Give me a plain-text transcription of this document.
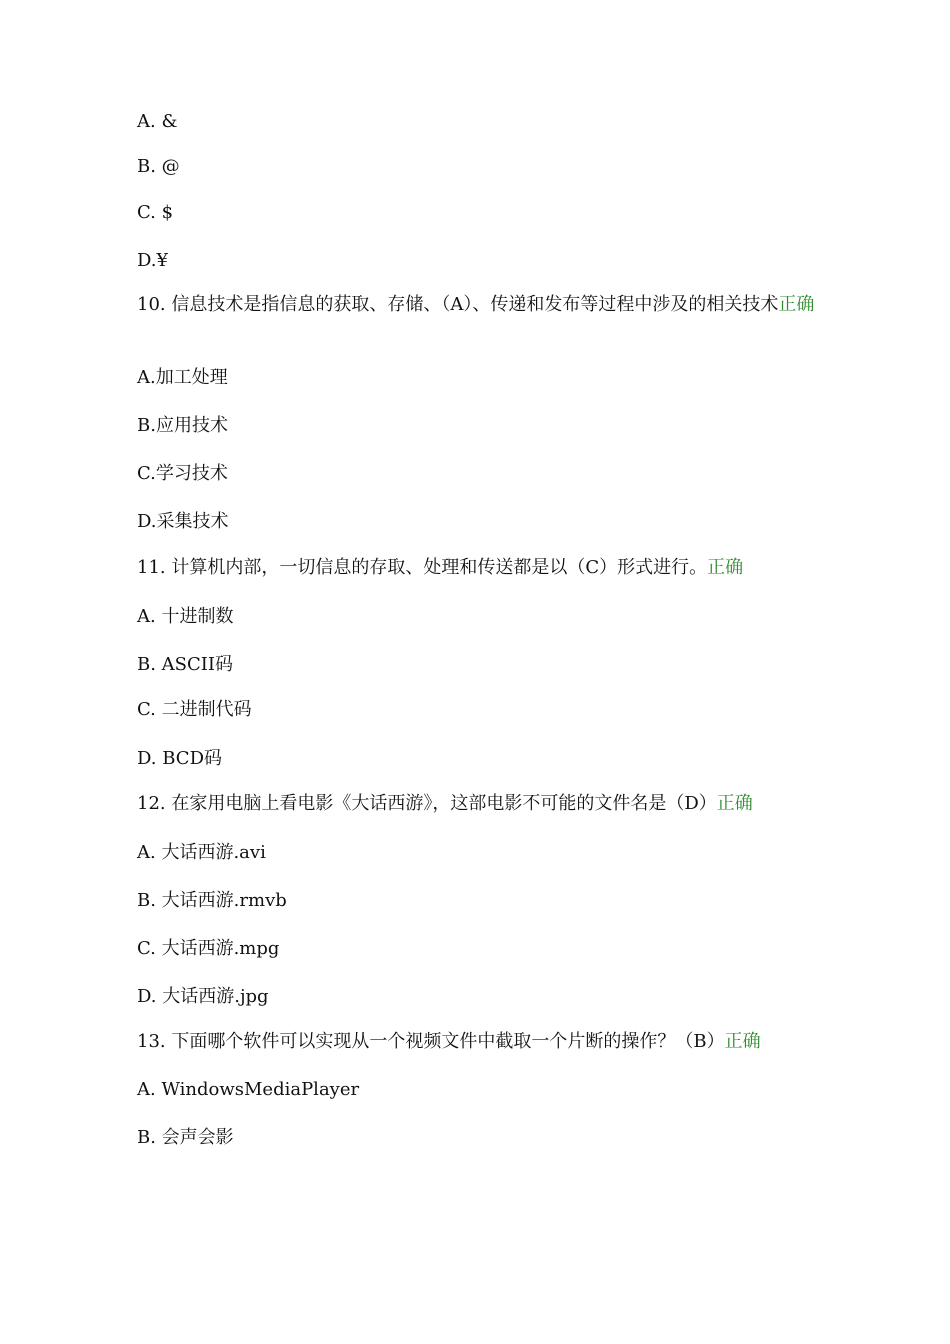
A. &
B. @
C. $
D.¥
10. 信息技术是指信息的获取、存储、（A）、传递和发布等过程中涉及的相关技术正确
A.加工处理
B.应用技术
C.学习技术
D.采集技术
11. 计算机内部，一切信息的存取、处理和传送都是以（C）形式进行。正确
A. 十进制数
B. ASCII码
C. 二进制代码
D. BCD码
12. 在家用电脑上看电影《大话西游》，这部电影不可能的文件名是（D）正确
A. 大话西游.avi
B. 大话西游.rmvb
C. 大话西游.mpg
D. 大话西游.jpg
13. 下面哪个软件可以实现从一个视频文件中截取一个片断的操作？（B）正确
A. WindowsMediaPlayer
B. 会声会影
